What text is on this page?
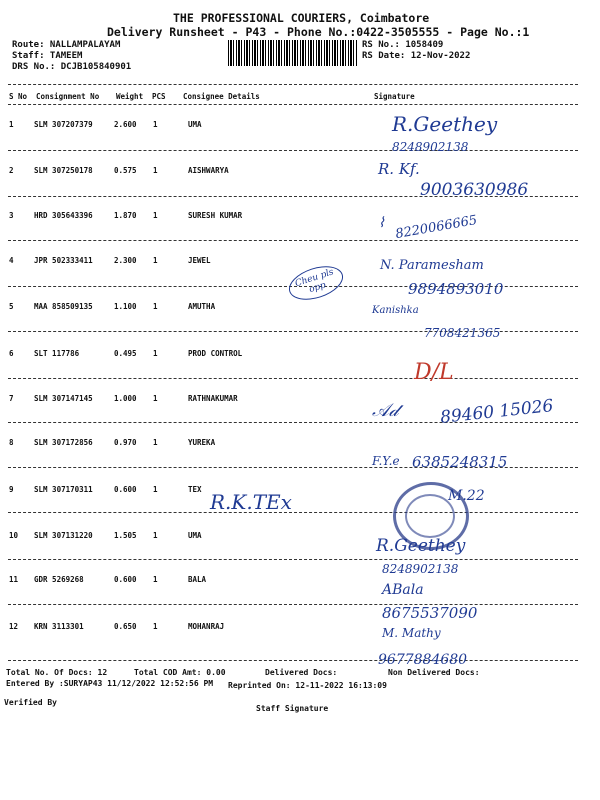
THE PROFESSIONAL COURIERS, Coimbatore
Delivery Runsheet - P43 - Phone No.:0422-3505555 - Page No.:1
Route: NALLAMPALAYAM
Staff: TAMEEM
DRS No.: DCJB105840901
RS No.: 1058409
RS Date: 12-Nov-2022
S No Consignment No Weight PCS Consignee Details	Signature
1	SLM 307207379	2.600 1	UMA
2	SLM 307250178	0.575 1	AISHWARYA
3	HRD 305643396	1.870 1	SURESH KUMAR
4	JPR 502333411	2.300 1	JEWEL
5	MAA 858509135	1.100 1	AMUTHA
6	SLT 117786	0.495 1	PROD CONTROL
7	SLM 307147145	1.000 1	RATHNAKUMAR
8	SLM 307172856	0.970 1	YUREKA
9	SLM 307170311	0.600 1	TEX
10 SLM 307131220	1.505 1	UMA
11 GDR 5269268	0.600 1	BALA
12 KRN 3113301	0.650 1	MOHANRAJ
R.Geethey
8248902138
R. Kf.
9003630986
⌇ 8220066665
Cheu pls opp
N. Paramesham
9894893010
Kanishka
7708421365
D/L
𝒜𝒹 89460 15026
F.Y.e 6385248315
R.K.TEx	M.22
R.Geethey
8248902138
ABala
8675537090
M. Mathy
9677884680
Total No. Of Docs: 12	Total COD Amt: 0.00	Delivered Docs:	Non Delivered Docs:
Entered By :SURYAP43 11/12/2022 12:52:56 PM Reprinted On: 12-11-2022 16:13:09
Verified By
Staff Signature
